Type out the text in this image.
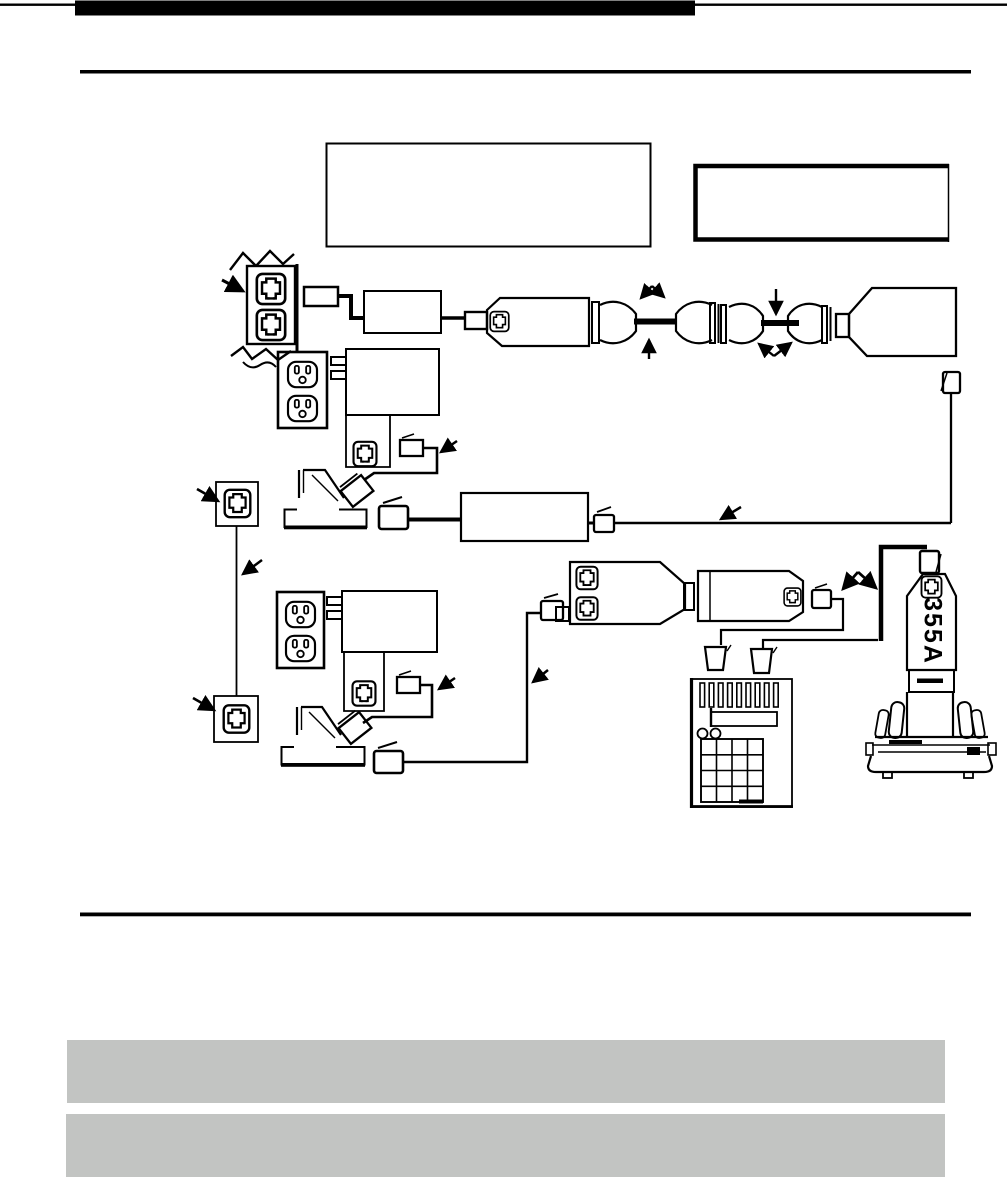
355A
